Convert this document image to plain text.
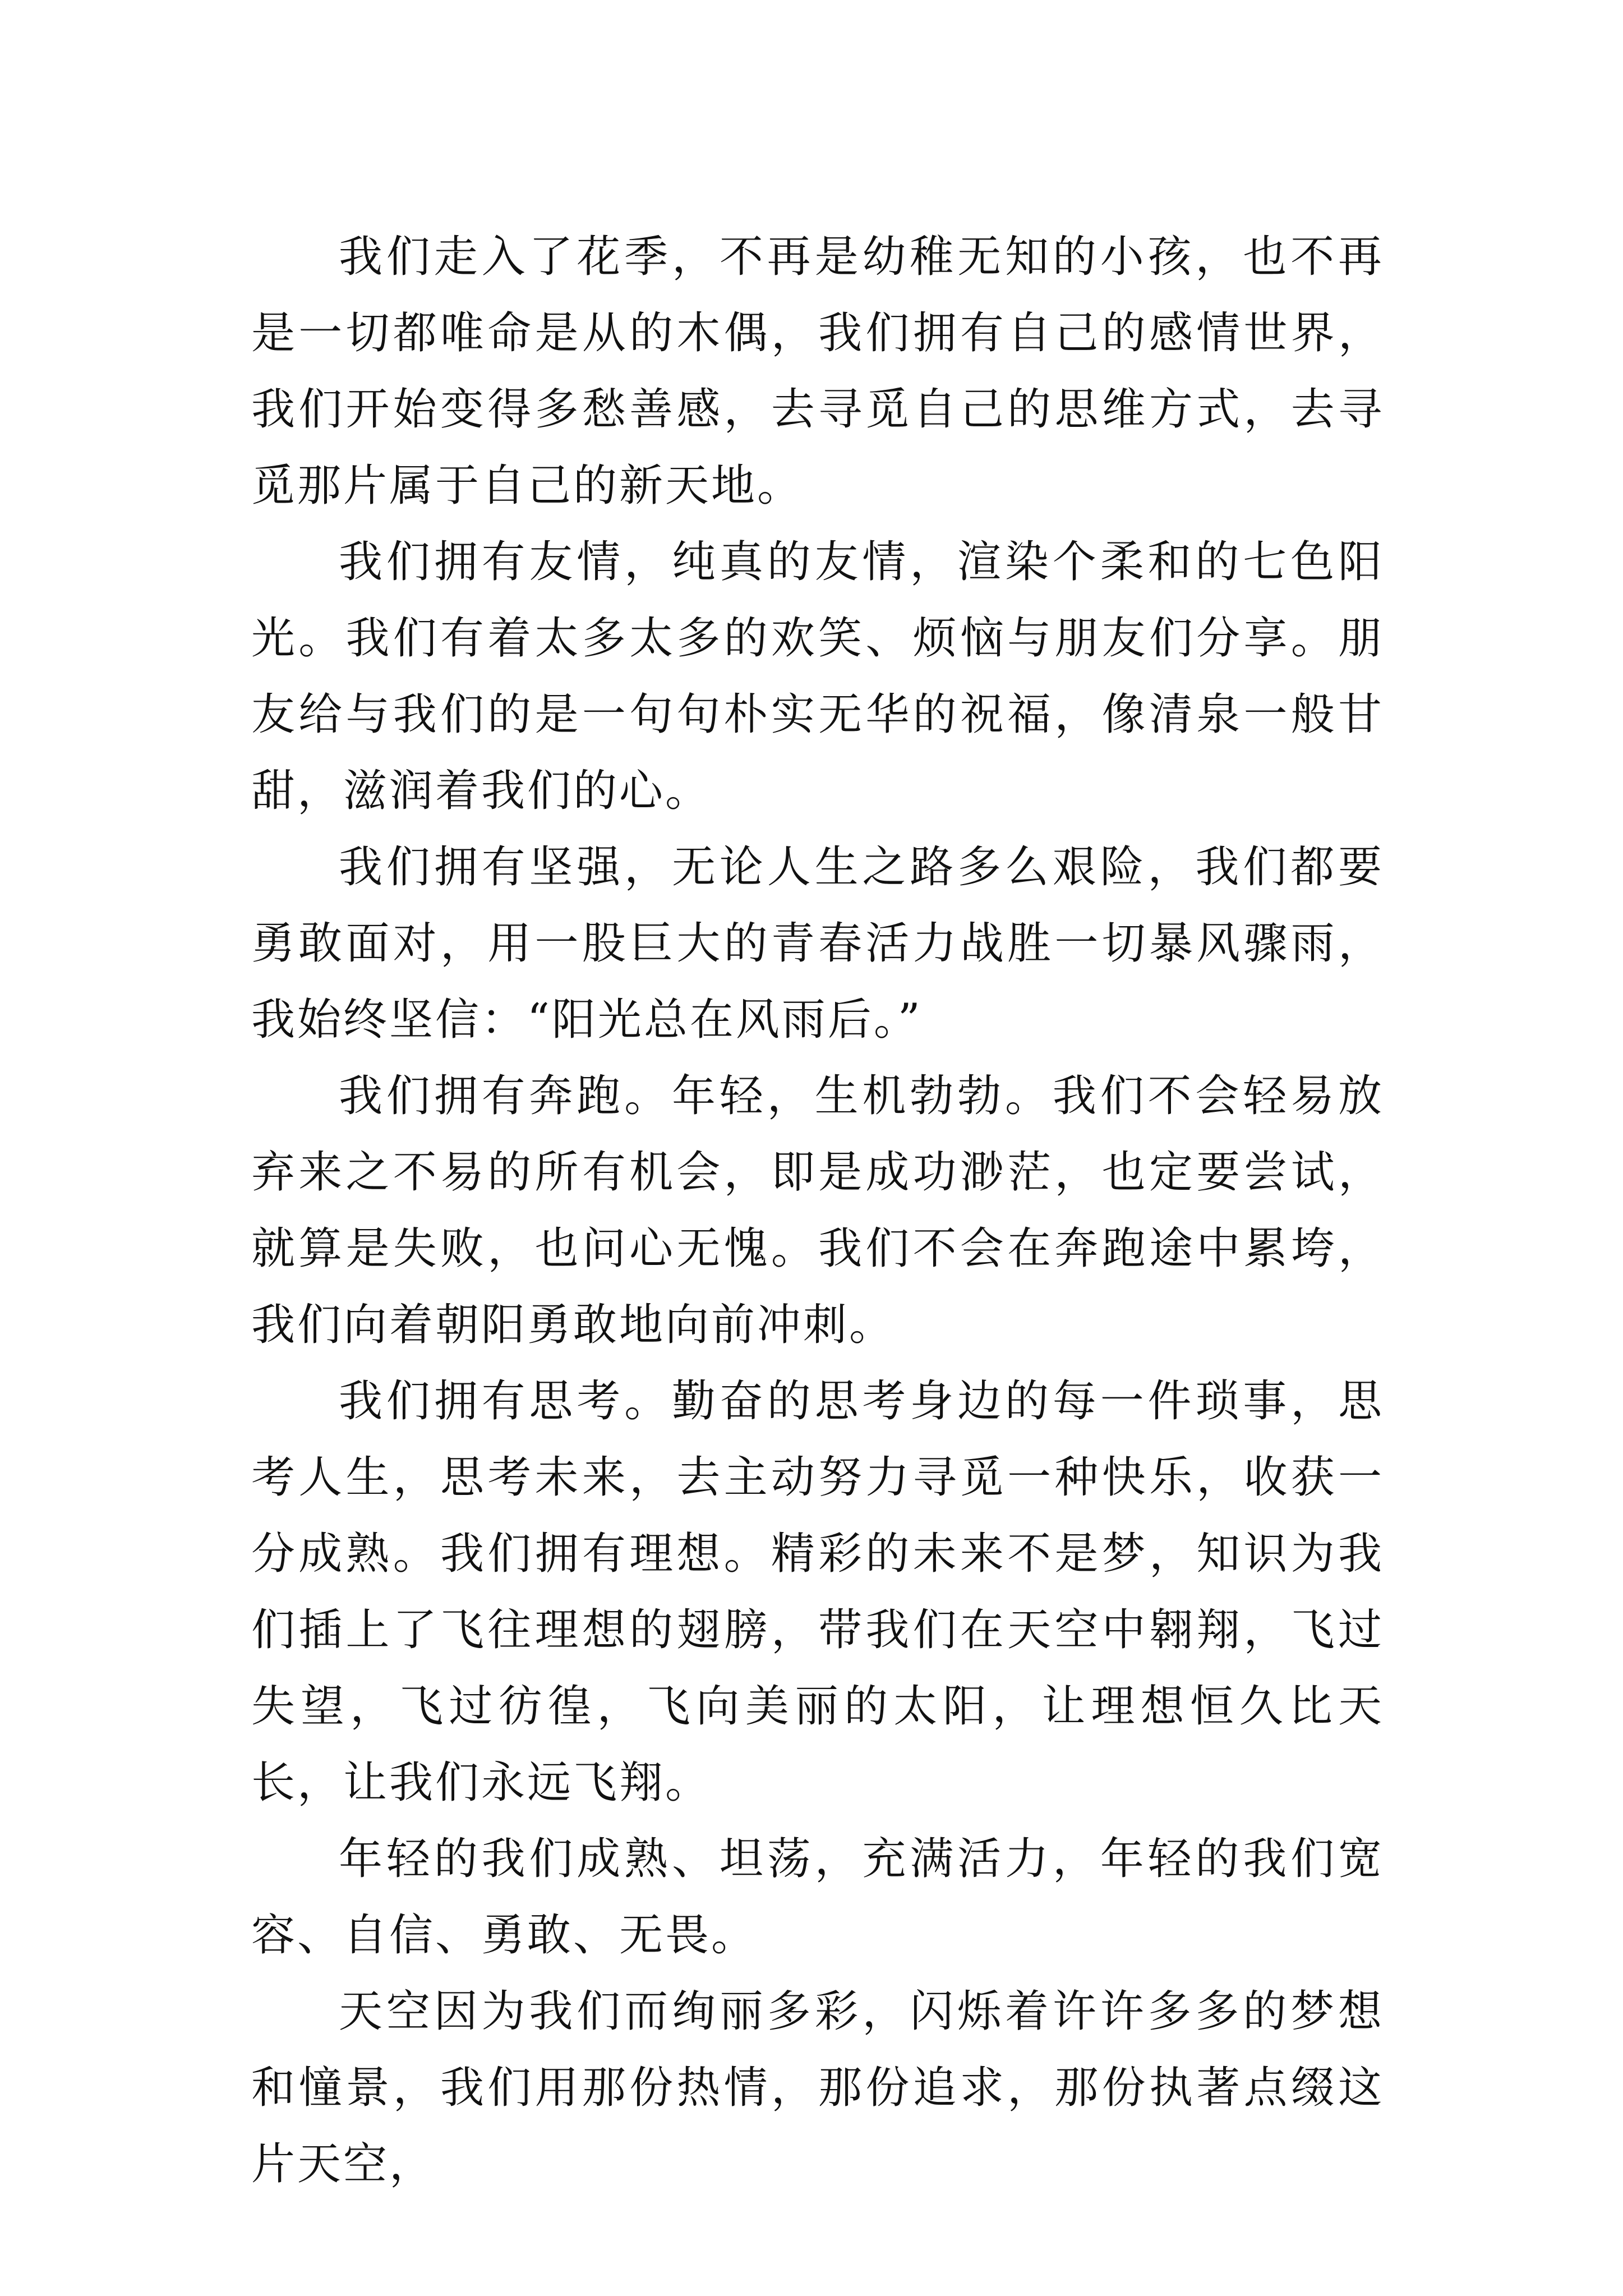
我们走入了花季，不再是幼稚无知的小孩，也不再是一切都唯命是从的木偶，我们拥有自己的感情世界，我们开始变得多愁善感，去寻觅自己的思维方式，去寻觅那片属于自己的新天地。

我们拥有友情，纯真的友情，渲染个柔和的七色阳光。我们有着太多太多的欢笑、烦恼与朋友们分享。朋友给与我们的是一句句朴实无华的祝福，像清泉一般甘甜，滋润着我们的心。

我们拥有坚强，无论人生之路多么艰险，我们都要勇敢面对，用一股巨大的青春活力战胜一切暴风骤雨，我始终坚信：“阳光总在风雨后。”

我们拥有奔跑。年轻，生机勃勃。我们不会轻易放弃来之不易的所有机会，即是成功渺茫，也定要尝试，就算是失败，也问心无愧。我们不会在奔跑途中累垮，我们向着朝阳勇敢地向前冲刺。

我们拥有思考。勤奋的思考身边的每一件琐事，思考人生，思考未来，去主动努力寻觅一种快乐，收获一分成熟。我们拥有理想。精彩的未来不是梦，知识为我们插上了飞往理想的翅膀，带我们在天空中翱翔，飞过失望，飞过彷徨，飞向美丽的太阳，让理想恒久比天长，让我们永远飞翔。

年轻的我们成熟、坦荡，充满活力，年轻的我们宽容、自信、勇敢、无畏。

天空因为我们而绚丽多彩，闪烁着许许多多的梦想和憧景，我们用那份热情，那份追求，那份执著点缀这片天空，
